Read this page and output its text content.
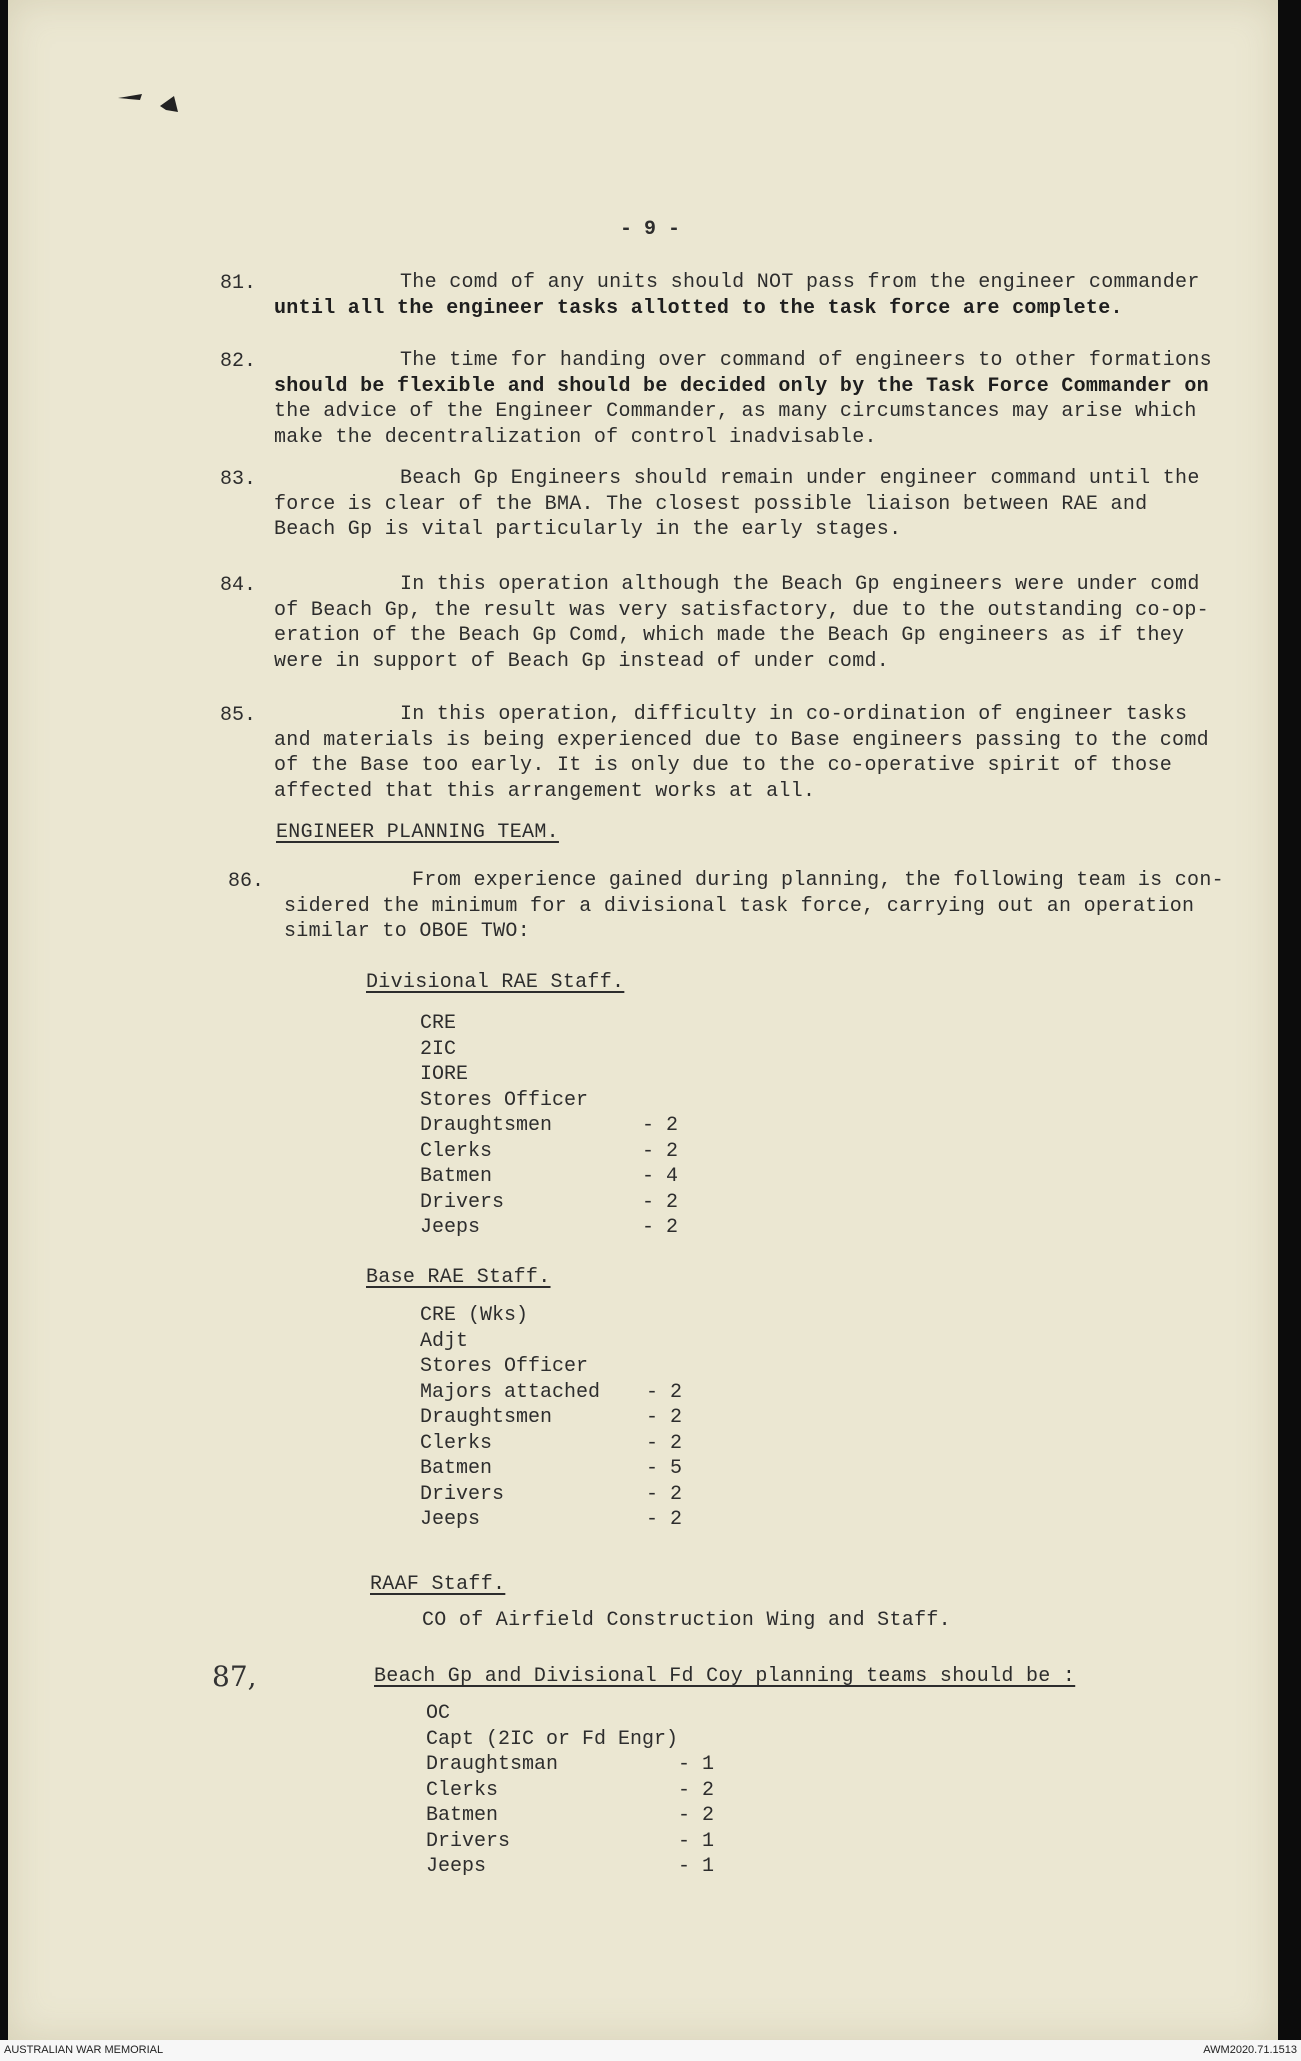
- 9 -
81.	The comd of any units should NOT pass from the engineer commander
until all the engineer tasks allotted to the task force are complete.
82.	The time for handing over command of engineers to other formations
should be flexible and should be decided only by the Task Force Commander on
the advice of the Engineer Commander, as many circumstances may arise which
make the decentralization of control inadvisable.
83.	Beach Gp Engineers should remain under engineer command until the
force is clear of the BMA. The closest possible liaison between RAE and
Beach Gp is vital particularly in the early stages.
84.	In this operation although the Beach Gp engineers were under comd
of Beach Gp, the result was very satisfactory, due to the outstanding co-op-
eration of the Beach Gp Comd, which made the Beach Gp engineers as if they
were in support of Beach Gp instead of under comd.
85.	In this operation, difficulty in co-ordination of engineer tasks
and materials is being experienced due to Base engineers passing to the comd
of the Base too early. It is only due to the co-operative spirit of those
affected that this arrangement works at all.
ENGINEER PLANNING TEAM.
86.	From experience gained during planning, the following team is con-
sidered the minimum for a divisional task force, carrying out an operation
similar to OBOE TWO:
Divisional RAE Staff.
CRE
2IC
IORE
Stores Officer
Draughtsmen	- 2
Clerks	- 2
Batmen	- 4
Drivers	- 2
Jeeps	- 2
Base RAE Staff.
CRE (Wks)
Adjt
Stores Officer
Majors attached - 2
Draughtsmen	- 2
Clerks	- 2
Batmen	- 5
Drivers	- 2
Jeeps	- 2
RAAF Staff.
CO of Airfield Construction Wing and Staff.
87,	Beach Gp and Divisional Fd Coy planning teams should be :
OC
Capt (2IC or Fd Engr)
Draughtsman	- 1
Clerks	- 2
Batmen	- 2
Drivers	- 1
Jeeps	- 1
AUSTRALIAN WAR MEMORIAL	AWM2020.71.1513
